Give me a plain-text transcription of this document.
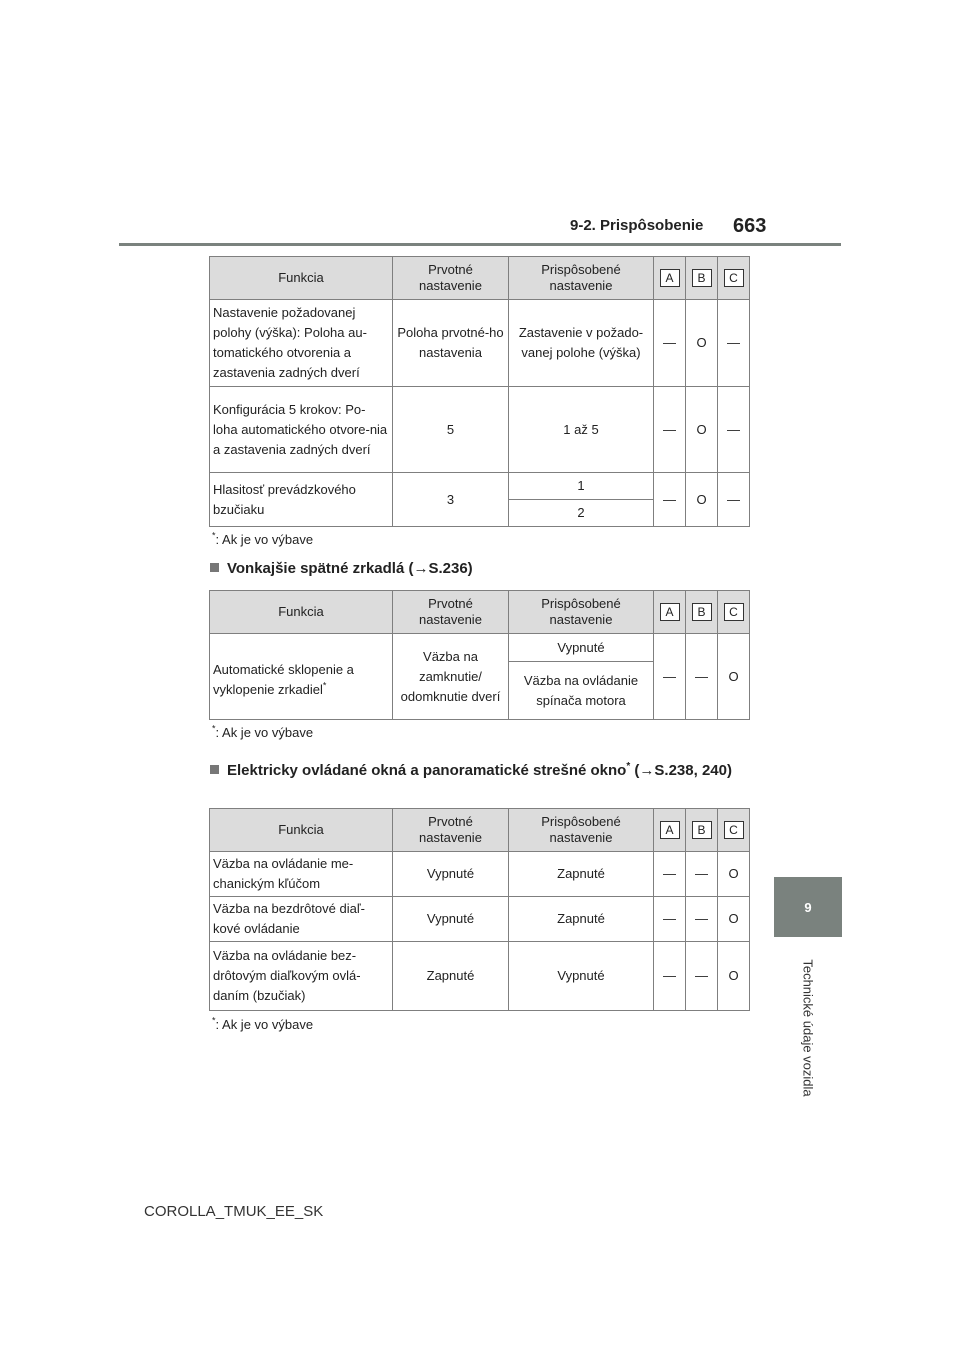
9-2. Prispôsobenie 663
9
Technické údaje vozidla
Funkcia	Prvotné nastavenie	Prispôsobené nastavenie	A	B	C
Nastavenie požadovanej polohy (výška): Poloha au-tomatického otvorenia a zastavenia zadných dverí	Poloha prvotné-ho nastavenia	Zastavenie v požado-vanej polohe (výška)	—	O	—
Konfigurácia 5 krokov: Po-loha automatického otvore-nia a zastavenia zadných dverí	5	1 až 5	—	O	—
Hlasitosť prevádzkového bzučiaku	3	1	—	O	—
		2			
*: Ak je vo výbave
Vonkajšie spätné zrkadlá (→S.236)
Funkcia	Prvotné nastavenie	Prispôsobené nastavenie	A	B	C
Automatické sklopenie a vyklopenie zrkadiel*	Väzba na zamknutie/ odomknutie dverí	Vypnuté	—	—	O
		Väzba na ovládanie spínača motora			
*: Ak je vo výbave
Elektricky ovládané okná a panoramatické strešné okno* (→S.238, 240)
Funkcia	Prvotné nastavenie	Prispôsobené nastavenie	A	B	C
Väzba na ovládanie me-chanickým kľúčom	Vypnuté	Zapnuté	—	—	O
Väzba na bezdrôtové diaľ-kové ovládanie	Vypnuté	Zapnuté	—	—	O
Väzba na ovládanie bez-drôtovým diaľkovým ovlá-daním (bzučiak)	Zapnuté	Vypnuté	—	—	O
*: Ak je vo výbave
COROLLA_TMUK_EE_SK
